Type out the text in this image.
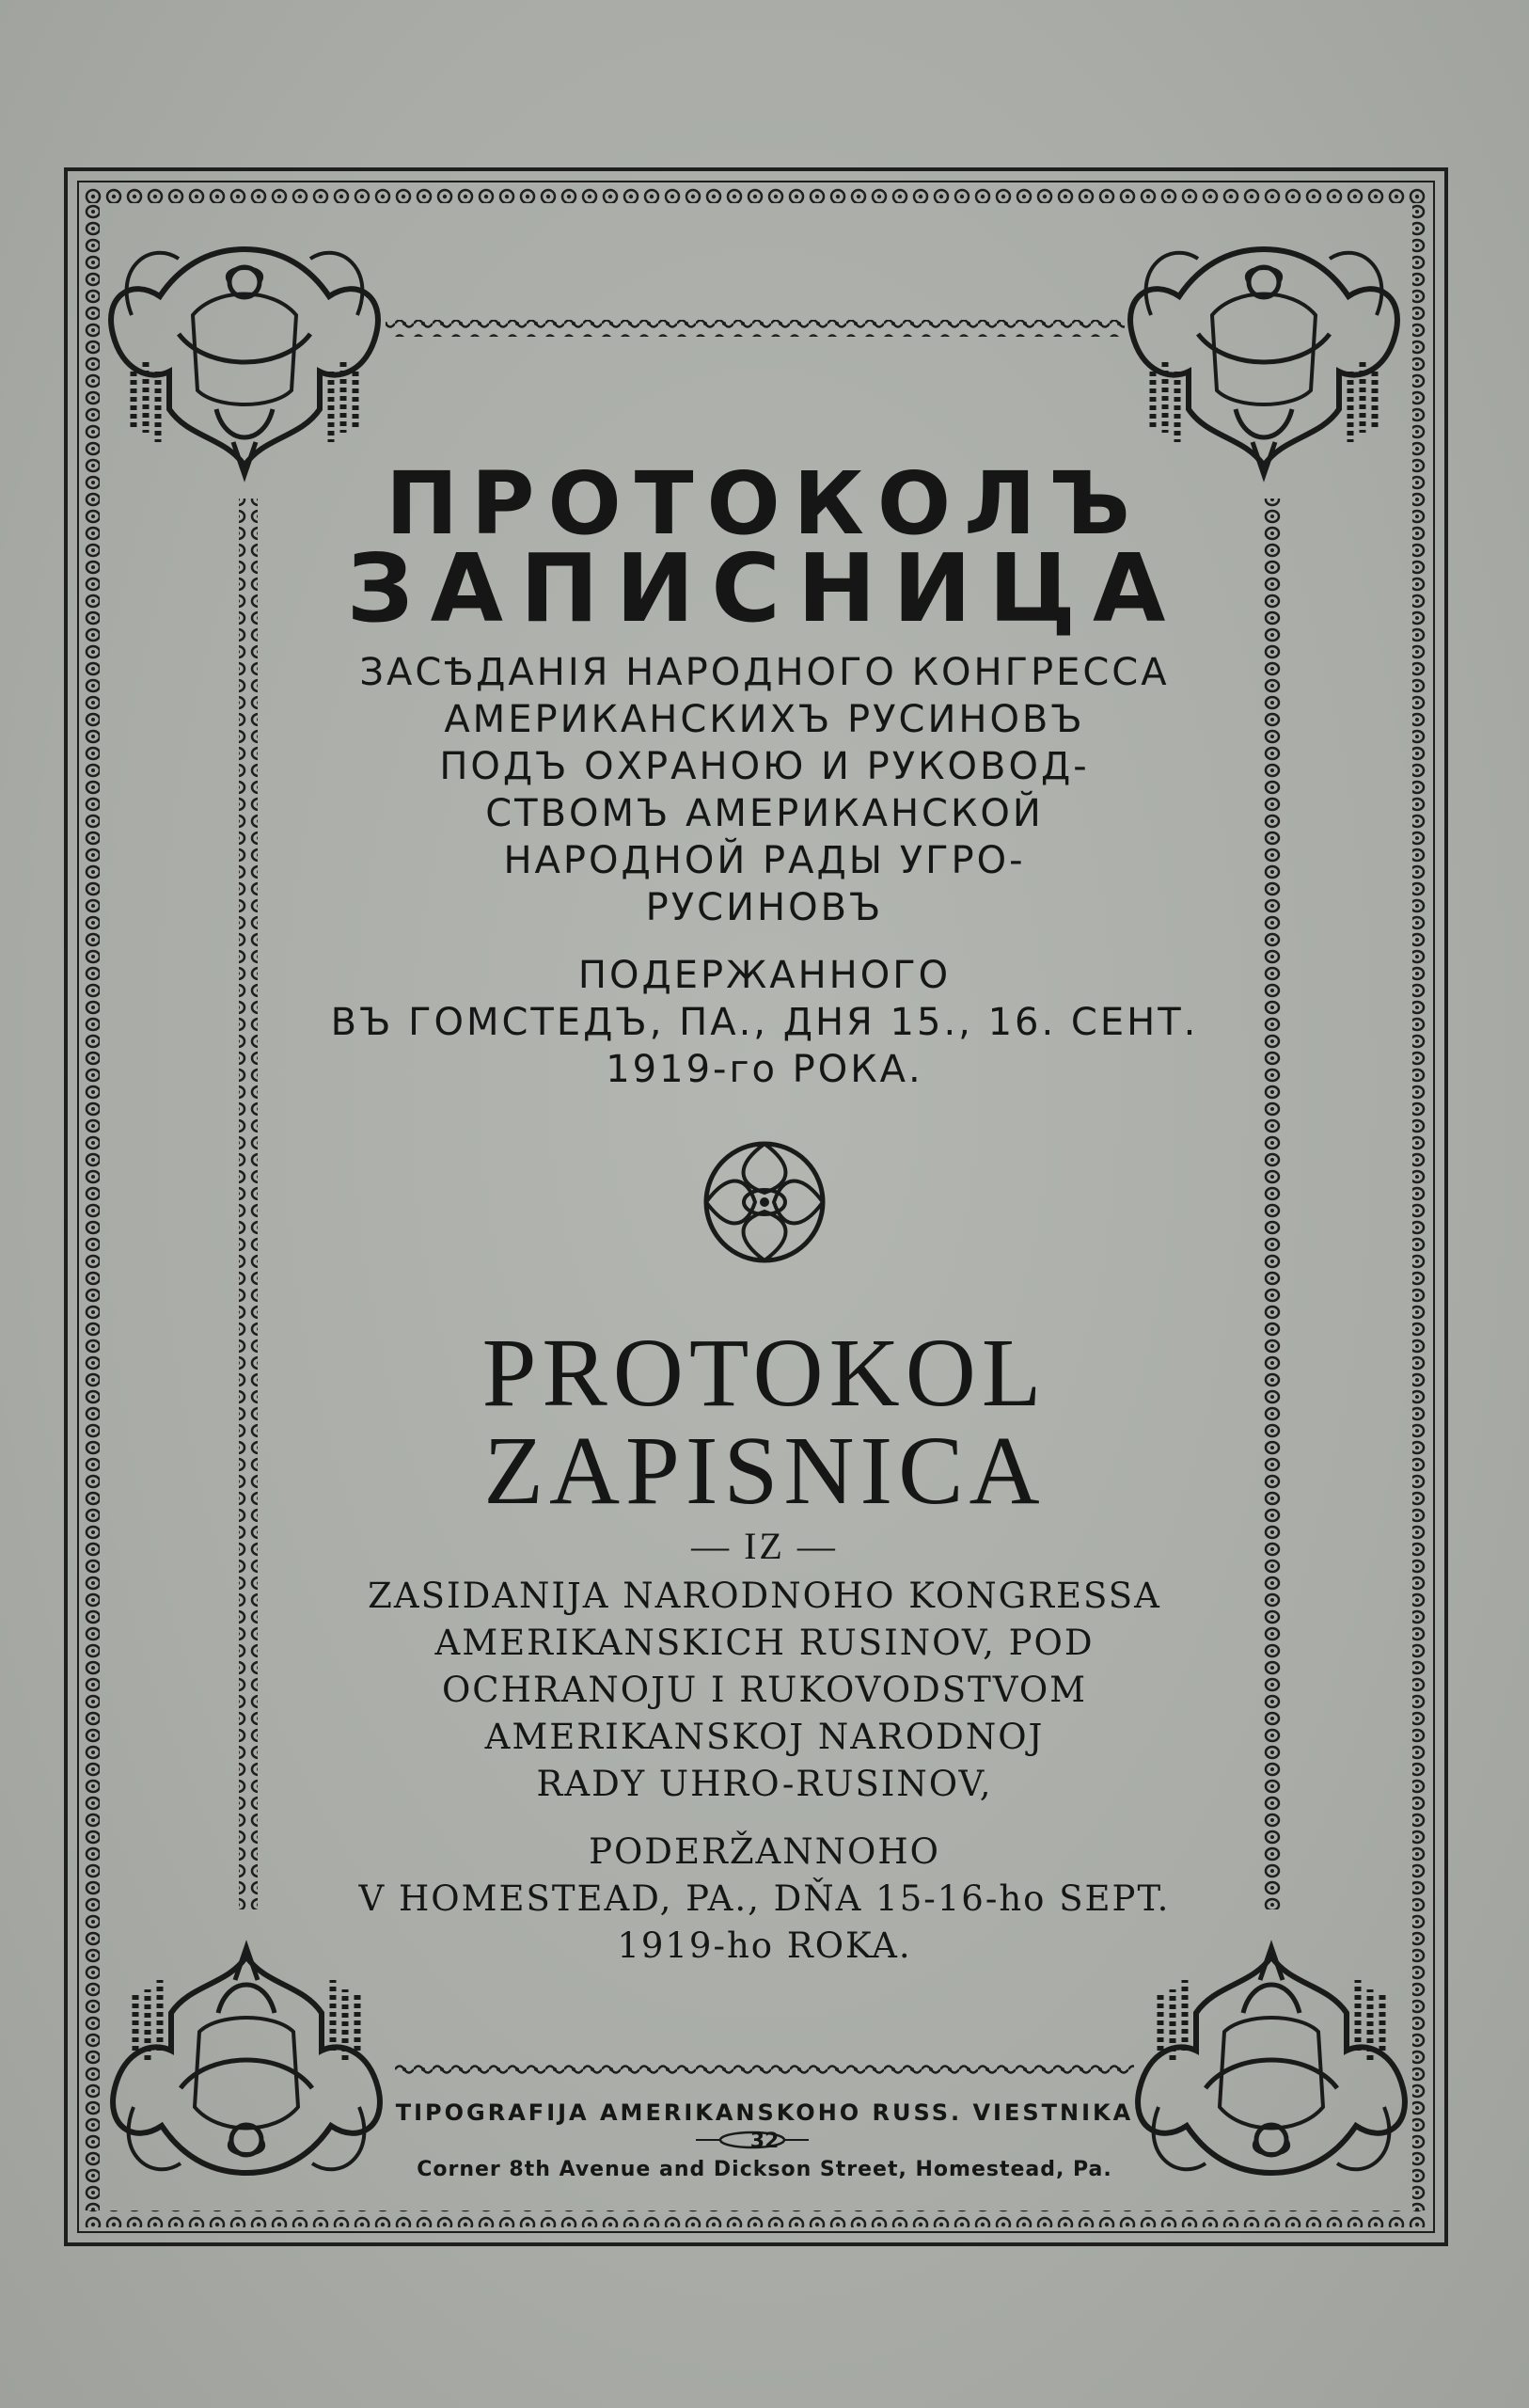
ПРОТОКОЛЪ
ЗАПИСНИЦА
ЗАСѢДАНІЯ НАРОДНОГО КОНГРЕССА
АМЕРИКАНСКИХЪ РУСИНОВЪ
ПОДЪ ОХРАНОЮ И РУКОВОД-
СТВОМЪ АМЕРИКАНСКОЙ
НАРОДНОЙ РАДЫ УГРО-
РУСИНОВЪ
ПОДЕРЖАННОГО
ВЪ ГОМСТЕДЪ, ПА., ДНЯ 15., 16. СЕНТ.
1919-го РОКА.
PROTOKOL
ZAPISNICA
— IZ —
ZASIDANIJA NARODNOHO KONGRESSA
AMERIKANSKICH RUSINOV, POD
OCHRANOJU I RUKOVODSTVOM
AMERIKANSKOJ NARODNOJ
RADY UHRO-RUSINOV,
PODERŽANNOHO
V HOMESTEAD, PA., DŇA 15-16-ho SEPT.
1919-ho ROKA.
TIPOGRAFIJA AMERIKANSKOHO RUSS. VIESTNIKA
32
Corner 8th Avenue and Dickson Street, Homestead, Pa.
